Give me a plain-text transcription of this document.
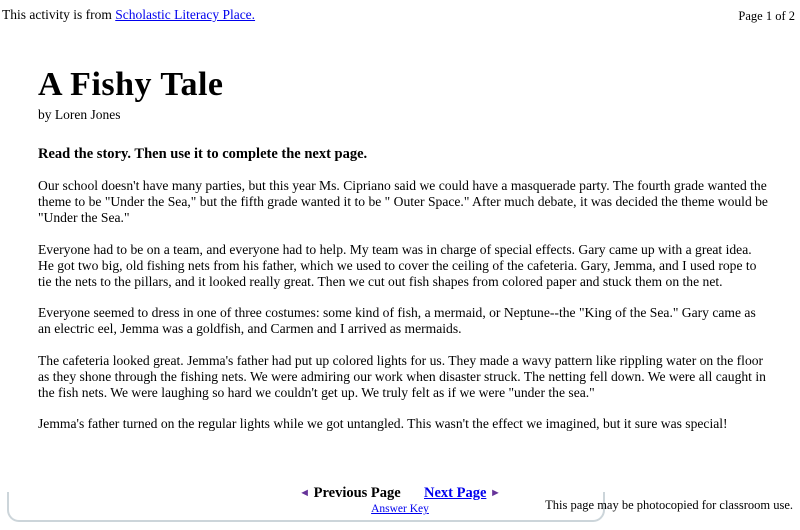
This activity is from Scholastic Literacy Place.	Page 1 of 2
A Fishy Tale
by Loren Jones
Read the story. Then use it to complete the next page.

Our school doesn't have many parties, but this year Ms. Cipriano said we could have a masquerade party. The fourth grade wanted the theme to be "Under the Sea," but the fifth grade wanted it to be " Outer Space." After much debate, it was decided the theme would be "Under the Sea."

Everyone had to be on a team, and everyone had to help. My team was in charge of special effects. Gary came up with a great idea. He got two big, old fishing nets from his father, which we used to cover the ceiling of the cafeteria. Gary, Jemma, and I used rope to tie the nets to the pillars, and it looked really great. Then we cut out fish shapes from colored paper and stuck them on the net.

Everyone seemed to dress in one of three costumes: some kind of fish, a mermaid, or Neptune--the "King of the Sea." Gary came as an electric eel, Jemma was a goldfish, and Carmen and I arrived as mermaids.

The cafeteria looked great. Jemma's father had put up colored lights for us. They made a wavy pattern like rippling water on the floor as they shone through the fishing nets. We were admiring our work when disaster struck. The netting fell down. We were all caught in the fish nets. We were laughing so hard we couldn't get up. We truly felt as if we were "under the sea."

Jemma's father turned on the regular lights while we got untangled. This wasn't the effect we imagined, but it sure was special!

◄ Previous Page Next Page ►
Answer Key	This page may be photocopied for classroom use.
